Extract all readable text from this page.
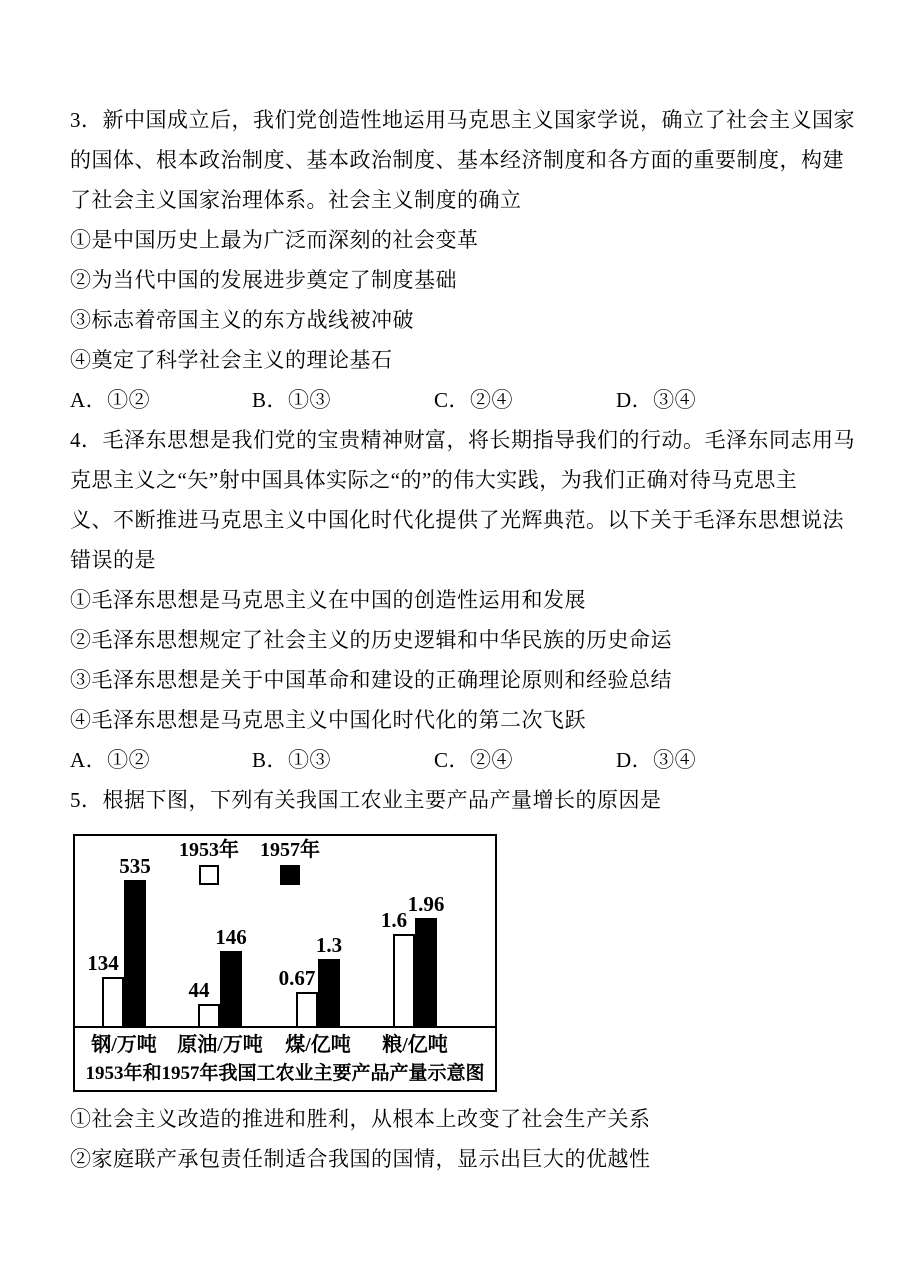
3．新中国成立后，我们党创造性地运用马克思主义国家学说，确立了社会主义国家
的国体、根本政治制度、基本政治制度、基本经济制度和各方面的重要制度，构建
了社会主义国家治理体系。社会主义制度的确立
①是中国历史上最为广泛而深刻的社会变革
②为当代中国的发展进步奠定了制度基础
③标志着帝国主义的东方战线被冲破
④奠定了科学社会主义的理论基石
A．①②	B．①③	C．②④	D．③④
4．毛泽东思想是我们党的宝贵精神财富，将长期指导我们的行动。毛泽东同志用马
克思主义之“矢”射中国具体实际之“的”的伟大实践，为我们正确对待马克思主
义、不断推进马克思主义中国化时代化提供了光辉典范。以下关于毛泽东思想说法
错误的是
①毛泽东思想是马克思主义在中国的创造性运用和发展
②毛泽东思想规定了社会主义的历史逻辑和中华民族的历史命运
③毛泽东思想是关于中国革命和建设的正确理论原则和经验总结
④毛泽东思想是马克思主义中国化时代化的第二次飞跃
A．①②	B．①③	C．②④	D．③④
5．根据下图，下列有关我国工农业主要产品产量增长的原因是
1953年 1957年
134
535
44
146
0.67
1.3
1.6
1.96
钢/万吨	原油/万吨	煤/亿吨	粮/亿吨
1953年和1957年我国工农业主要产品产量示意图
①社会主义改造的推进和胜利，从根本上改变了社会生产关系
②家庭联产承包责任制适合我国的国情，显示出巨大的优越性
